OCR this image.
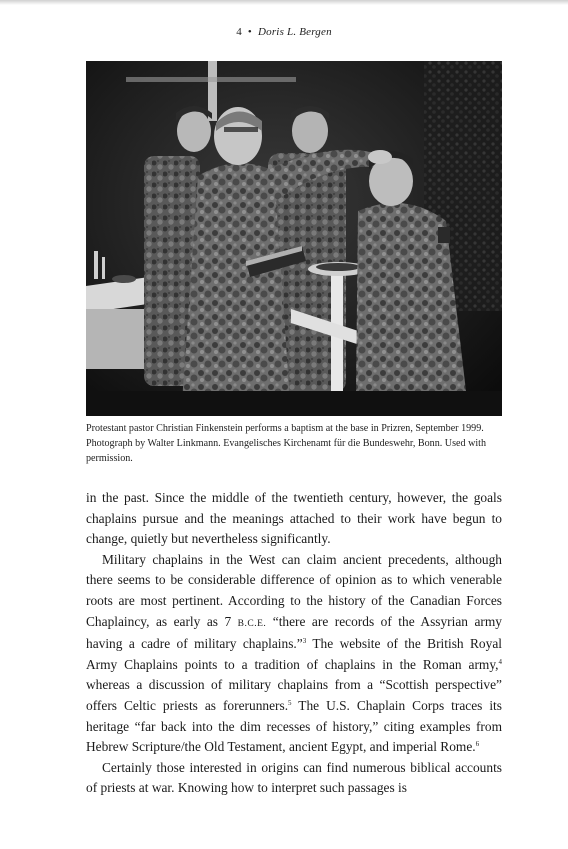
4 • Doris L. Bergen
Protestant pastor Christian Finkenstein performs a baptism at the base in Prizren, September 1999. Photograph by Walter Linkmann. Evangelisches Kirchenamt für die Bundeswehr, Bonn. Used with permission.

in the past. Since the middle of the twentieth century, however, the goals chaplains pursue and the meanings attached to their work have begun to change, quietly but nevertheless significantly.

Military chaplains in the West can claim ancient precedents, although there seems to be considerable difference of opinion as to which venerable roots are most pertinent. According to the history of the Canadian Forces Chaplaincy, as early as 7 B.C.E. “there are records of the Assyrian army having a cadre of military chaplains.”$^3$ The website of the British Royal Army Chaplains points to a tradition of chaplains in the Roman army,$^4$ whereas a discussion of military chaplains from a “Scottish perspective” offers Celtic priests as forerunners.$^5$ The U.S. Chaplain Corps traces its heritage “far back into the dim recesses of history,” citing examples from Hebrew Scripture/the Old Testament, ancient Egypt, and imperial Rome.$^6$

Certainly those interested in origins can find numerous biblical accounts of priests at war. Knowing how to interpret such passages is
